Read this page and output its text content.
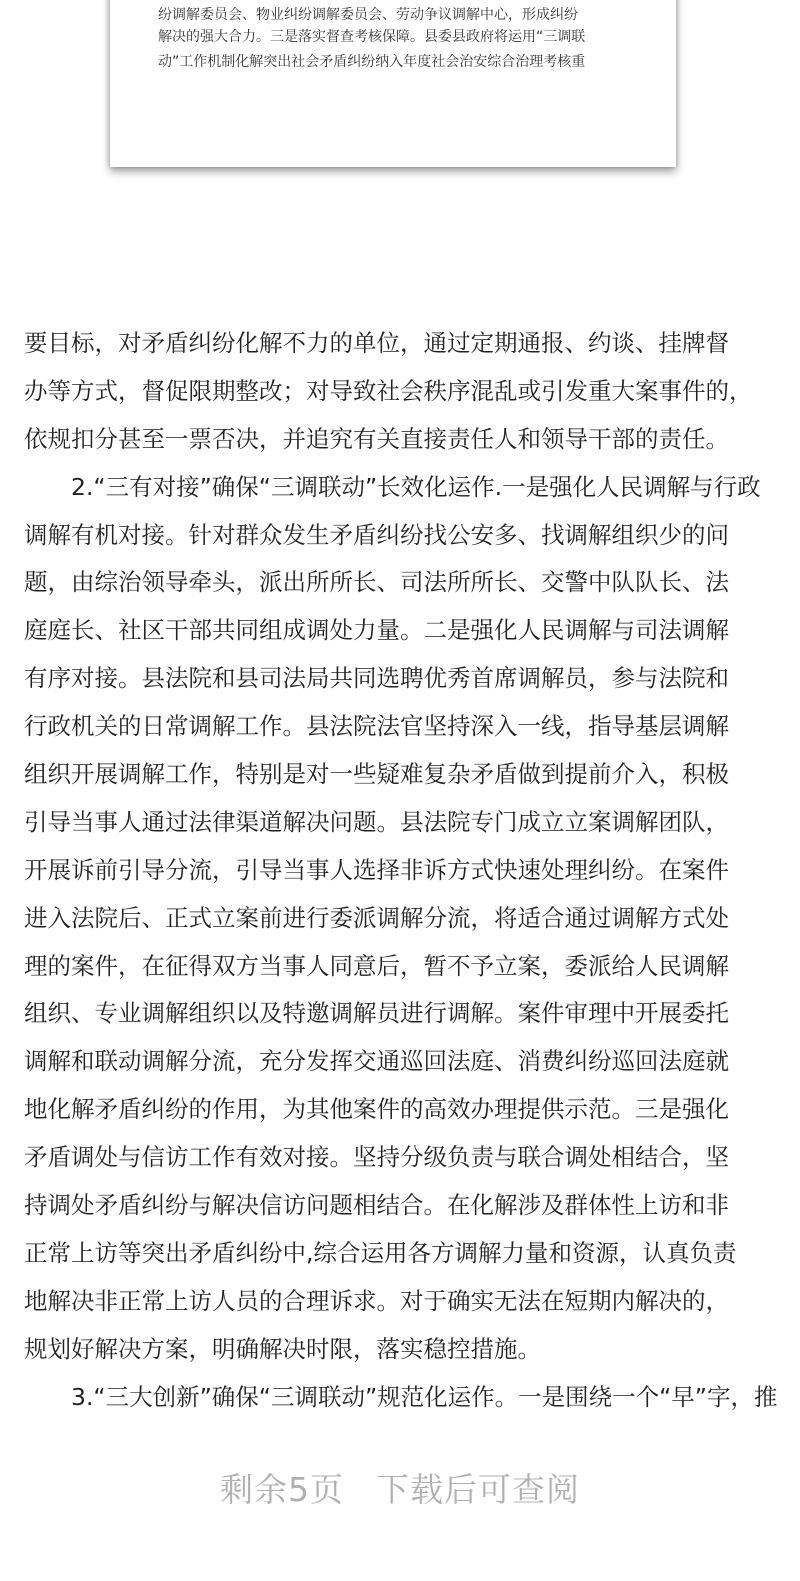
纷调解委员会、物业纠纷调解委员会、劳动争议调解中心，形成纠纷
解决的强大合力。三是落实督查考核保障。县委县政府将运用“三调联
动”工作机制化解突出社会矛盾纠纷纳入年度社会治安综合治理考核重
要目标，对矛盾纠纷化解不力的单位，通过定期通报、约谈、挂牌督
办等方式，督促限期整改；对导致社会秩序混乱或引发重大案事件的，
依规扣分甚至一票否决，并追究有关直接责任人和领导干部的责任。
2.“三有对接”确保“三调联动”长效化运作.一是强化人民调解与行政
调解有机对接。针对群众发生矛盾纠纷找公安多、找调解组织少的问
题，由综治领导牵头，派出所所长、司法所所长、交警中队队长、法
庭庭长、社区干部共同组成调处力量。二是强化人民调解与司法调解
有序对接。县法院和县司法局共同选聘优秀首席调解员，参与法院和
行政机关的日常调解工作。县法院法官坚持深入一线，指导基层调解
组织开展调解工作，特别是对一些疑难复杂矛盾做到提前介入，积极
引导当事人通过法律渠道解决问题。县法院专门成立立案调解团队，
开展诉前引导分流，引导当事人选择非诉方式快速处理纠纷。在案件
进入法院后、正式立案前进行委派调解分流，将适合通过调解方式处
理的案件，在征得双方当事人同意后，暂不予立案，委派给人民调解
组织、专业调解组织以及特邀调解员进行调解。案件审理中开展委托
调解和联动调解分流，充分发挥交通巡回法庭、消费纠纷巡回法庭就
地化解矛盾纠纷的作用，为其他案件的高效办理提供示范。三是强化
矛盾调处与信访工作有效对接。坚持分级负责与联合调处相结合，坚
持调处矛盾纠纷与解决信访问题相结合。在化解涉及群体性上访和非
正常上访等突出矛盾纠纷中,综合运用各方调解力量和资源，认真负责
地解决非正常上访人员的合理诉求。对于确实无法在短期内解决的，
规划好解决方案，明确解决时限，落实稳控措施。
3.“三大创新”确保“三调联动”规范化运作。一是围绕一个“早”字，推
剩余5页 下载后可查阅
